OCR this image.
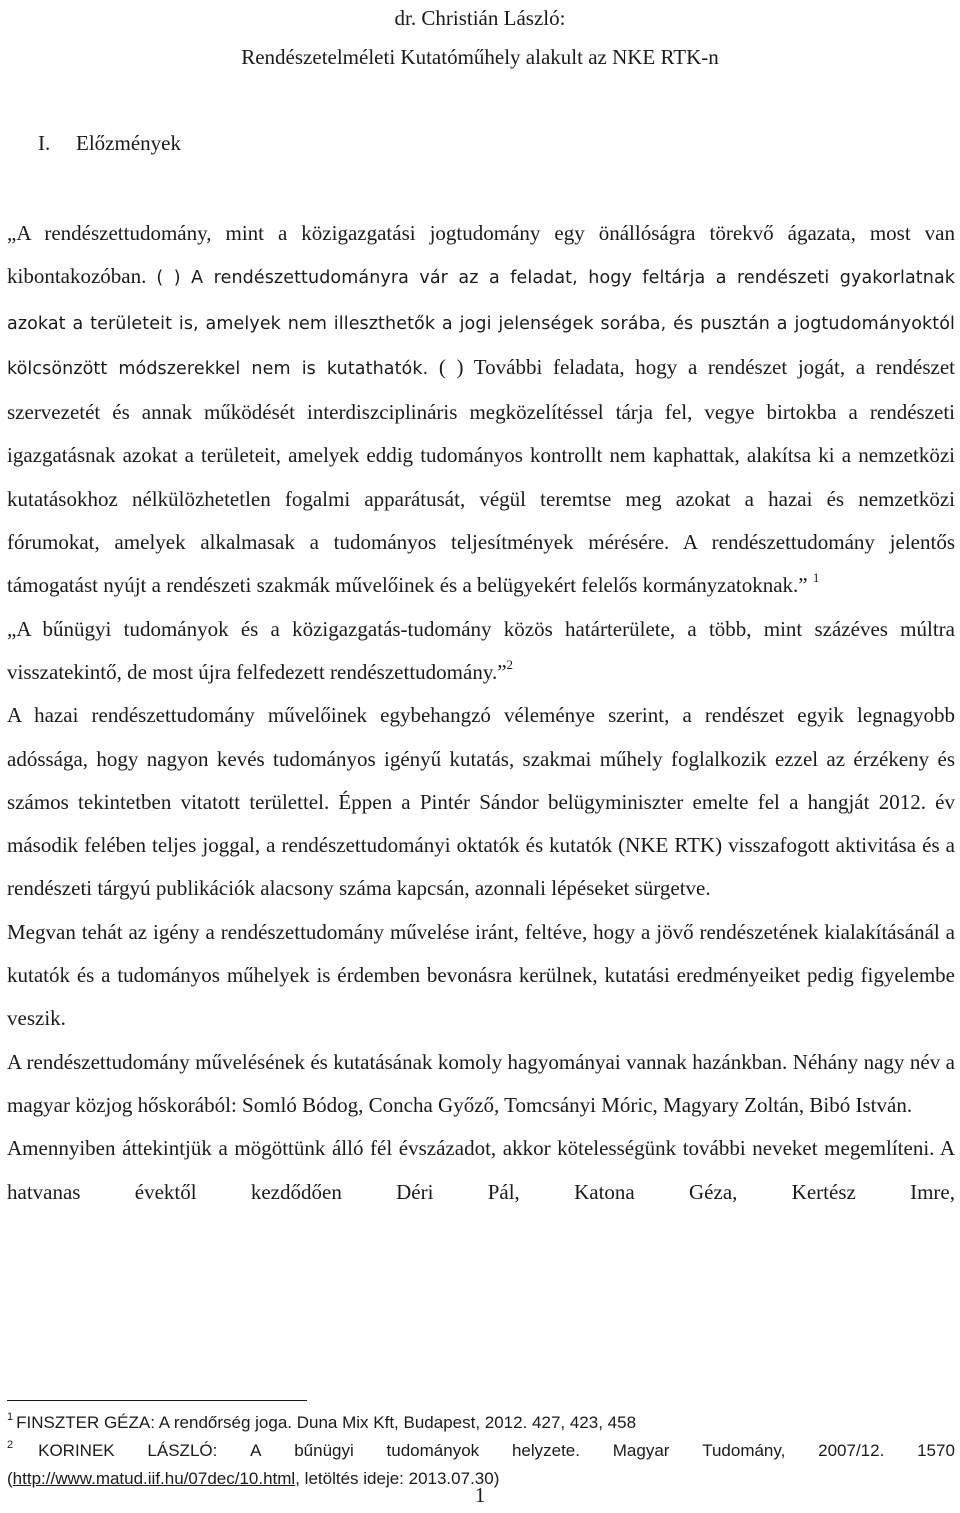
dr. Christián László:
Rendészetelméleti Kutatóműhely alakult az NKE RTK-n
I. Előzmények

„A rendészettudomány, mint a közigazgatási jogtudomány egy önállóságra törekvő ágazata, most van kibontakozóban. ( ) A rendészettudományra vár az a feladat, hogy feltárja a rendészeti gyakorlatnak azokat a területeit is, amelyek nem illeszthetők a jogi jelenségek sorába, és pusztán a jogtudományoktól kölcsönzött módszerekkel nem is kutathatók. ( ) További feladata, hogy a rendészet jogát, a rendészet szervezetét és annak működését interdiszciplináris megközelítéssel tárja fel, vegye birtokba a rendészeti igazgatásnak azokat a területeit, amelyek eddig tudományos kontrollt nem kaphattak, alakítsa ki a nemzetközi kutatásokhoz nélkülözhetetlen fogalmi apparátusát, végül teremtse meg azokat a hazai és nemzetközi fórumokat, amelyek alkalmasak a tudományos teljesítmények mérésére. A rendészettudomány jelentős támogatást nyújt a rendészeti szakmák művelőinek és a belügyekért felelős kormányzatoknak.” $^1$

„A bűnügyi tudományok és a közigazgatás-tudomány közös határterülete, a több, mint százéves múltra visszatekintő, de most újra felfedezett rendészettudomány.”$^2$

A hazai rendészettudomány művelőinek egybehangzó véleménye szerint, a rendészet egyik legnagyobb adóssága, hogy nagyon kevés tudományos igényű kutatás, szakmai műhely foglalkozik ezzel az érzékeny és számos tekintetben vitatott területtel. Éppen a Pintér Sándor belügyminiszter emelte fel a hangját 2012. év második felében teljes joggal, a rendészettudományi oktatók és kutatók (NKE RTK) visszafogott aktivitása és a rendészeti tárgyú publikációk alacsony száma kapcsán, azonnali lépéseket sürgetve.

Megvan tehát az igény a rendészettudomány művelése iránt, feltéve, hogy a jövő rendészetének kialakításánál a kutatók és a tudományos műhelyek is érdemben bevonásra kerülnek, kutatási eredményeiket pedig figyelembe veszik.

A rendészettudomány művelésének és kutatásának komoly hagyományai vannak hazánkban. Néhány nagy név a magyar közjog hőskorából: Somló Bódog, Concha Győző, Tomcsányi Móric, Magyary Zoltán, Bibó István.

Amennyiben áttekintjük a mögöttünk álló fél évszázadot, akkor kötelességünk további neveket megemlíteni. A hatvanas évektől kezdődően Déri Pál, Katona Géza, Kertész Imre,

$^1$ FINSZTER GÉZA: A rendőrség joga. Duna Mix Kft, Budapest, 2012. 427, 423, 458

$^2$ KORINEK LÁSZLÓ: A bűnügyi tudományok helyzete. Magyar Tudomány, 2007/12. 1570
(http://www.matud.iif.hu/07dec/10.html, letöltés ideje: 2013.07.30)
1
